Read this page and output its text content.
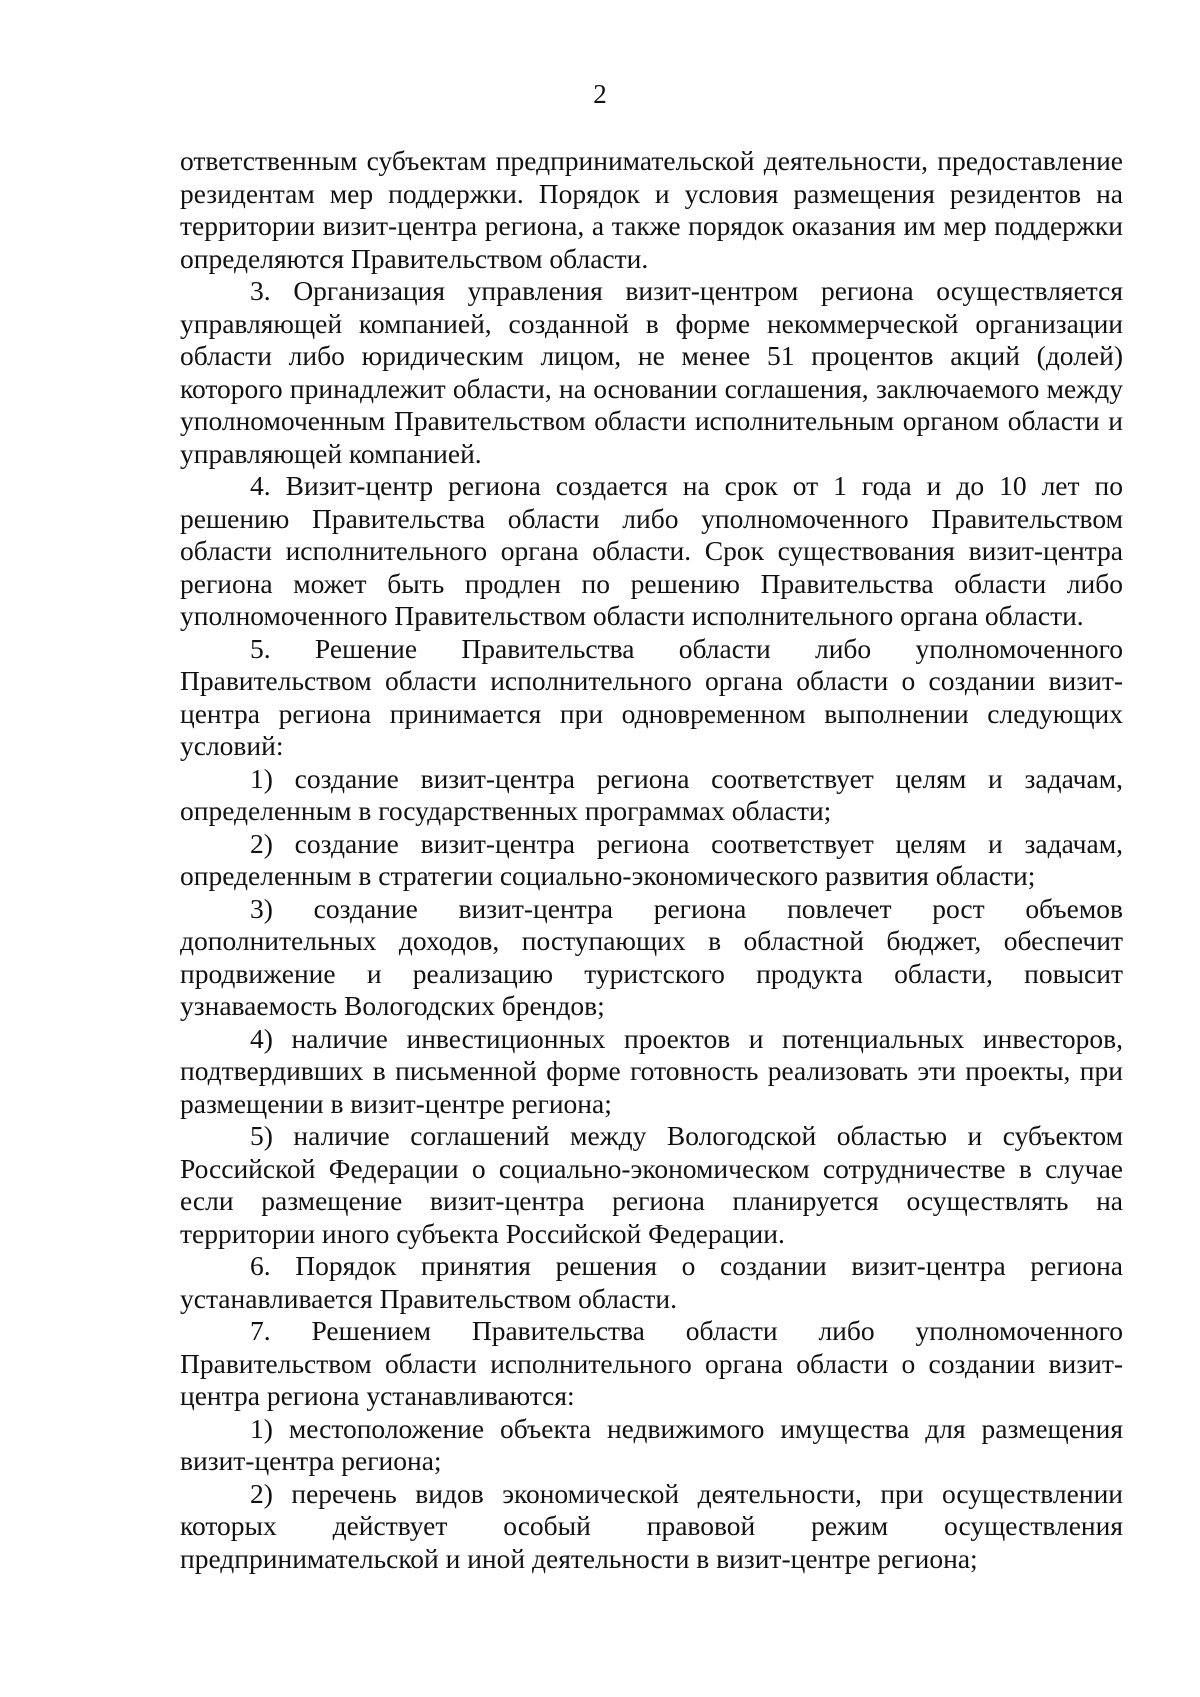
2

ответственным субъектам предпринимательской деятельности, предоставление резидентам мер поддержки. Порядок и условия размещения резидентов на территории визит-центра региона, а также порядок оказания им мер поддержки определяются Правительством области.

3. Организация управления визит-центром региона осуществляется управляющей компанией, созданной в форме некоммерческой организации области либо юридическим лицом, не менее 51 процентов акций (долей) которого принадлежит области, на основании соглашения, заключаемого между уполномоченным Правительством области исполнительным органом области и управляющей компанией.

4. Визит-центр региона создается на срок от 1 года и до 10 лет по решению Правительства области либо уполномоченного Правительством области исполнительного органа области. Срок существования визит-центра региона может быть продлен по решению Правительства области либо уполномоченного Правительством области исполнительного органа области.

5. Решение Правительства области либо уполномоченного Правительством области исполнительного органа области о создании визит-центра региона принимается при одновременном выполнении следующих условий:

1) создание визит-центра региона соответствует целям и задачам, определенным в государственных программах области;

2) создание визит-центра региона соответствует целям и задачам, определенным в стратегии социально-экономического развития области;

3) создание визит-центра региона повлечет рост объемов дополнительных доходов, поступающих в областной бюджет, обеспечит продвижение и реализацию туристского продукта области, повысит узнаваемость Вологодских брендов;

4) наличие инвестиционных проектов и потенциальных инвесторов, подтвердивших в письменной форме готовность реализовать эти проекты, при размещении в визит-центре региона;

5) наличие соглашений между Вологодской областью и субъектом Российской Федерации о социально-экономическом сотрудничестве в случае если размещение визит-центра региона планируется осуществлять на территории иного субъекта Российской Федерации.

6. Порядок принятия решения о создании визит-центра региона устанавливается Правительством области.

7. Решением Правительства области либо уполномоченного Правительством области исполнительного органа области о создании визит-центра региона устанавливаются:

1) местоположение объекта недвижимого имущества для размещения визит-центра региона;

2) перечень видов экономической деятельности, при осуществлении которых действует особый правовой режим осуществления предпринимательской и иной деятельности в визит-центре региона;
